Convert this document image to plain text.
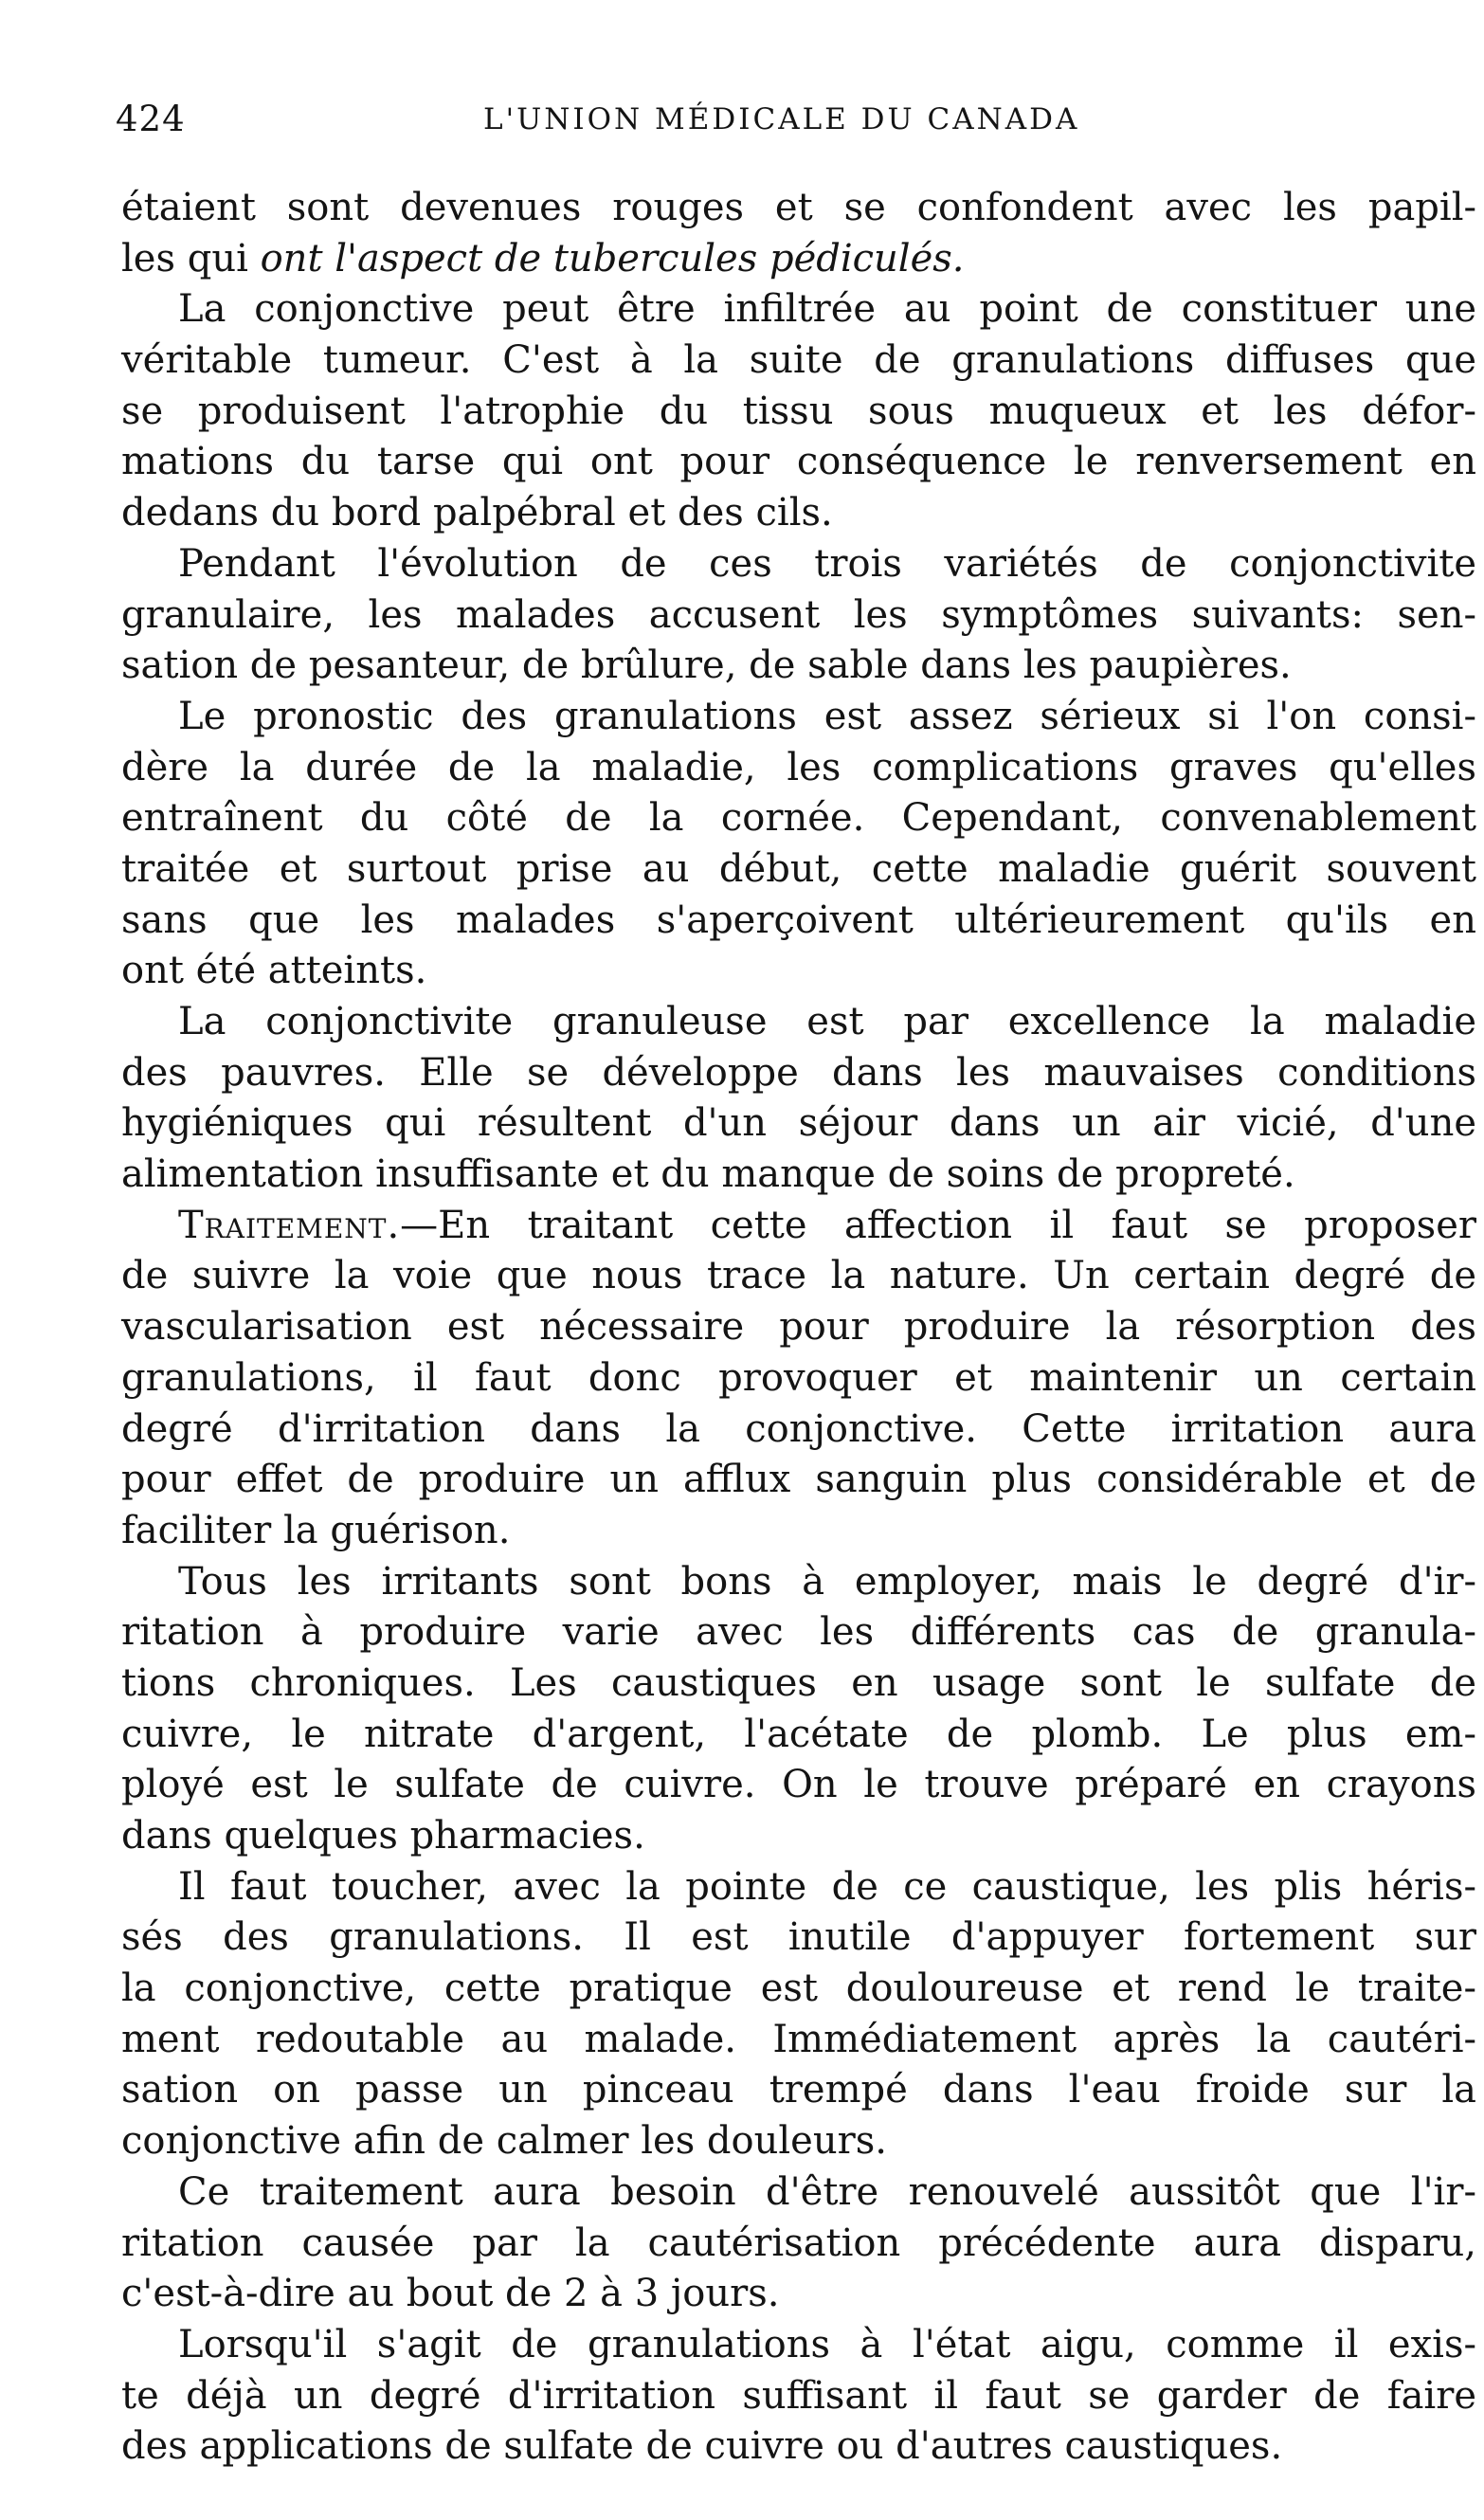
424	L'UNION MÉDICALE DU CANADA
étaient sont devenues rouges et se confondent avec les papil-
les qui ont l'aspect de tubercules pédiculés.
La conjonctive peut être infiltrée au point de constituer une
véritable tumeur. C'est à la suite de granulations diffuses que
se produisent l'atrophie du tissu sous muqueux et les défor-
mations du tarse qui ont pour conséquence le renversement en
dedans du bord palpébral et des cils.
Pendant l'évolution de ces trois variétés de conjonctivite
granulaire, les malades accusent les symptômes suivants: sen-
sation de pesanteur, de brûlure, de sable dans les paupières.
Le pronostic des granulations est assez sérieux si l'on consi-
dère la durée de la maladie, les complications graves qu'elles
entraînent du côté de la cornée. Cependant, convenablement
traitée et surtout prise au début, cette maladie guérit souvent
sans que les malades s'aperçoivent ultérieurement qu'ils en
ont été atteints.
La conjonctivite granuleuse est par excellence la maladie
des pauvres. Elle se développe dans les mauvaises conditions
hygiéniques qui résultent d'un séjour dans un air vicié, d'une
alimentation insuffisante et du manque de soins de propreté.
Traitement.—En traitant cette affection il faut se proposer
de suivre la voie que nous trace la nature. Un certain degré de
vascularisation est nécessaire pour produire la résorption des
granulations, il faut donc provoquer et maintenir un certain
degré d'irritation dans la conjonctive. Cette irritation aura
pour effet de produire un afflux sanguin plus considérable et de
faciliter la guérison.
Tous les irritants sont bons à employer, mais le degré d'ir-
ritation à produire varie avec les différents cas de granula-
tions chroniques. Les caustiques en usage sont le sulfate de
cuivre, le nitrate d'argent, l'acétate de plomb. Le plus em-
ployé est le sulfate de cuivre. On le trouve préparé en crayons
dans quelques pharmacies.
Il faut toucher, avec la pointe de ce caustique, les plis héris-
sés des granulations. Il est inutile d'appuyer fortement sur
la conjonctive, cette pratique est douloureuse et rend le traite-
ment redoutable au malade. Immédiatement après la cautéri-
sation on passe un pinceau trempé dans l'eau froide sur la
conjonctive afin de calmer les douleurs.
Ce traitement aura besoin d'être renouvelé aussitôt que l'ir-
ritation causée par la cautérisation précédente aura disparu,
c'est-à-dire au bout de 2 à 3 jours.
Lorsqu'il s'agit de granulations à l'état aigu, comme il exis-
te déjà un degré d'irritation suffisant il faut se garder de faire
des applications de sulfate de cuivre ou d'autres caustiques.
